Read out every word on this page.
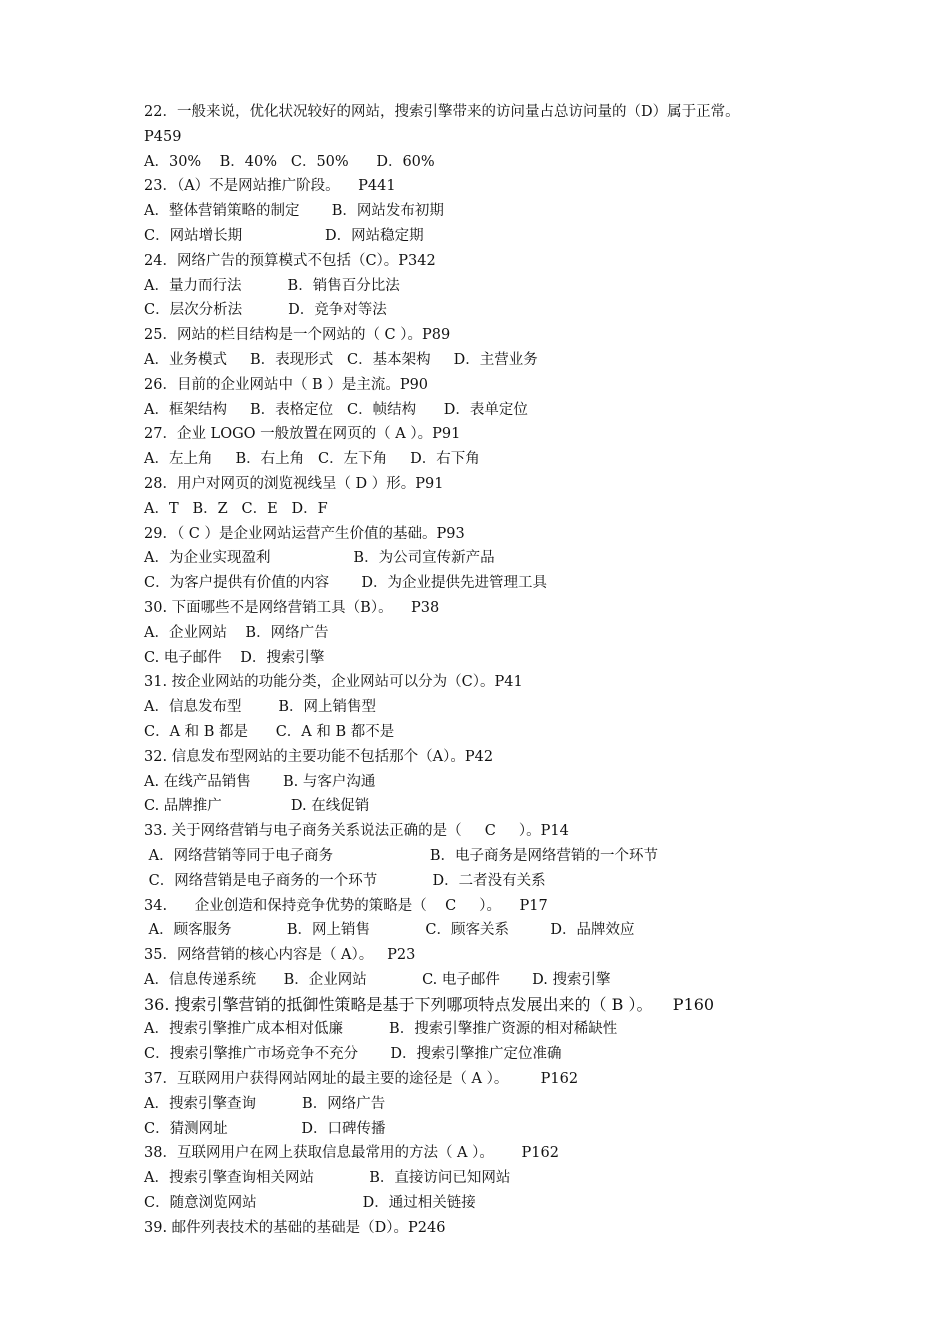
22．一般来说，优化状况较好的网站，搜索引擎带来的访问量占总访问量的（D）属于正常。
P459
A．30%    B．40%   C．50%      D．60%
23．（A）不是网站推广阶段。    P441
A．整体营销策略的制定       B．网站发布初期
C．网站增长期                  D．网站稳定期
24．网络广告的预算模式不包括（C）。P342
A．量力而行法          B．销售百分比法
C．层次分析法          D．竞争对等法
25．网站的栏目结构是一个网站的（ C ）。P89
A．业务模式     B．表现形式   C．基本架构     D．主营业务
26．目前的企业网站中（ B ）是主流。P90
A．框架结构     B．表格定位   C．帧结构      D．表单定位
27．企业 LOGO 一般放置在网页的（ A ）。P91
A．左上角     B．右上角   C．左下角     D．右下角
28．用户对网页的浏览视线呈（ D ）形。P91
A．T   B．Z   C．E   D．F
29．（ C ）是企业网站运营产生价值的基础。P93
A．为企业实现盈利                  B．为公司宣传新产品
C．为客户提供有价值的内容       D．为企业提供先进管理工具
30. 下面哪些不是网络营销工具（B）。    P38
A．企业网站    B．网络广告
C. 电子邮件    D．搜索引擎
31. 按企业网站的功能分类，企业网站可以分为（C）。P41
A．信息发布型        B．网上销售型
C．A 和 B 都是      C．A 和 B 都不是
32. 信息发布型网站的主要功能不包括那个（A）。P42
A. 在线产品销售       B. 与客户沟通
C. 品牌推广               D. 在线促销
33. 关于网络营销与电子商务关系说法正确的是（     C     ）。P14
A．网络营销等同于电子商务                     B．电子商务是网络营销的一个环节
C．网络营销是电子商务的一个环节            D．二者没有关系
34.      企业创造和保持竞争优势的策略是（    C     ）。    P17
A．顾客服务            B．网上销售            C．顾客关系         D．品牌效应
35．网络营销的核心内容是（ A）。   P23
A．信息传递系统      B．企业网站            C. 电子邮件       D. 搜索引擎
36. 搜索引擎营销的抵御性策略是基于下列哪项特点发展出来的（ B ）。    P160
A．搜索引擎推广成本相对低廉          B．搜索引擎推广资源的相对稀缺性
C．搜索引擎推广市场竞争不充分       D．搜索引擎推广定位准确
37．互联网用户获得网站网址的最主要的途径是（ A ）。       P162
A．搜索引擎查询          B．网络广告
C．猜测网址                D．口碑传播
38．互联网用户在网上获取信息最常用的方法（ A ）。      P162
A．搜索引擎查询相关网站            B．直接访问已知网站
C．随意浏览网站                       D．通过相关链接
39. 邮件列表技术的基础的基础是（D）。P246
